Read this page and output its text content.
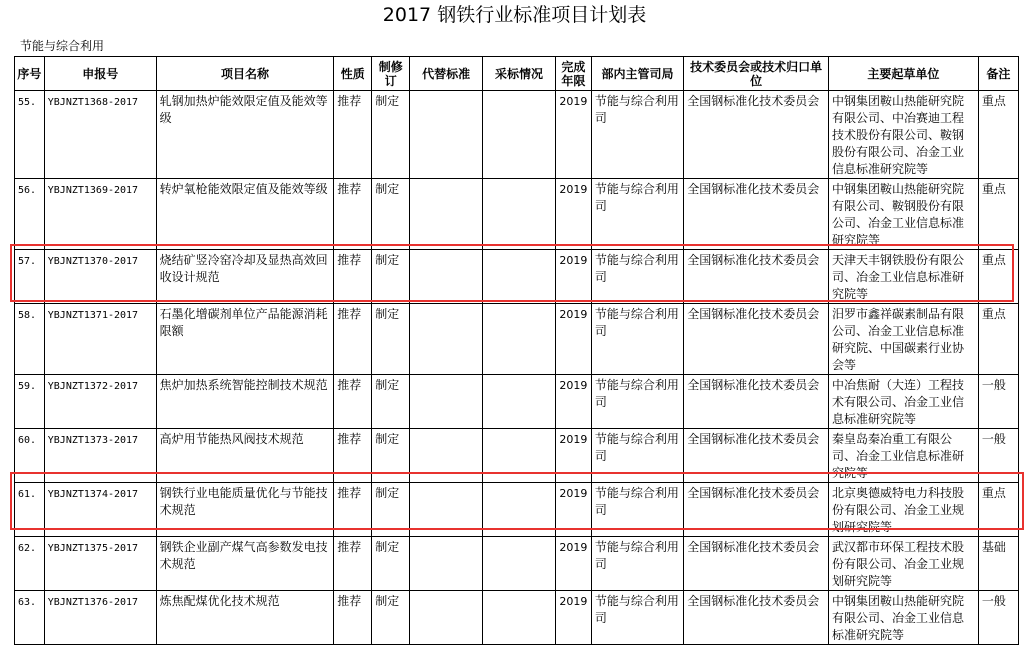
2017 钢铁行业标准项目计划表
节能与综合利用
序号	申报号	项目名称	性质	制修订	代替标准	采标情况	完成年限	部内主管司局	技术委员会或技术归口单位	主要起草单位	备注
55.	YBJNZT1368-2017	轧钢加热炉能效限定值及能效等级	推荐	制定			2019	节能与综合利用司	全国钢标准化技术委员会	中钢集团鞍山热能研究院有限公司、中冶赛迪工程技术股份有限公司、鞍钢股份有限公司、冶金工业信息标准研究院等	重点
56.	YBJNZT1369-2017	转炉氧枪能效限定值及能效等级	推荐	制定			2019	节能与综合利用司	全国钢标准化技术委员会	中钢集团鞍山热能研究院有限公司、鞍钢股份有限公司、冶金工业信息标准研究院等	重点
57.	YBJNZT1370-2017	烧结矿竖冷窑冷却及显热高效回收设计规范	推荐	制定			2019	节能与综合利用司	全国钢标准化技术委员会	天津天丰钢铁股份有限公司、冶金工业信息标准研究院等	重点
58.	YBJNZT1371-2017	石墨化增碳剂单位产品能源消耗限额	推荐	制定			2019	节能与综合利用司	全国钢标准化技术委员会	汨罗市鑫祥碳素制品有限公司、冶金工业信息标准研究院、中国碳素行业协会等	重点
59.	YBJNZT1372-2017	焦炉加热系统智能控制技术规范	推荐	制定			2019	节能与综合利用司	全国钢标准化技术委员会	中冶焦耐（大连）工程技术有限公司、冶金工业信息标准研究院等	一般
60.	YBJNZT1373-2017	高炉用节能热风阀技术规范	推荐	制定			2019	节能与综合利用司	全国钢标准化技术委员会	秦皇岛秦冶重工有限公司、冶金工业信息标准研究院等	一般
61.	YBJNZT1374-2017	钢铁行业电能质量优化与节能技术规范	推荐	制定			2019	节能与综合利用司	全国钢标准化技术委员会	北京奥德威特电力科技股份有限公司、冶金工业规划研究院等	重点
62.	YBJNZT1375-2017	钢铁企业副产煤气高参数发电技术规范	推荐	制定			2019	节能与综合利用司	全国钢标准化技术委员会	武汉都市环保工程技术股份有限公司、冶金工业规划研究院等	基础
63.	YBJNZT1376-2017	炼焦配煤优化技术规范	推荐	制定			2019	节能与综合利用司	全国钢标准化技术委员会	中钢集团鞍山热能研究院有限公司、冶金工业信息标准研究院等	一般
